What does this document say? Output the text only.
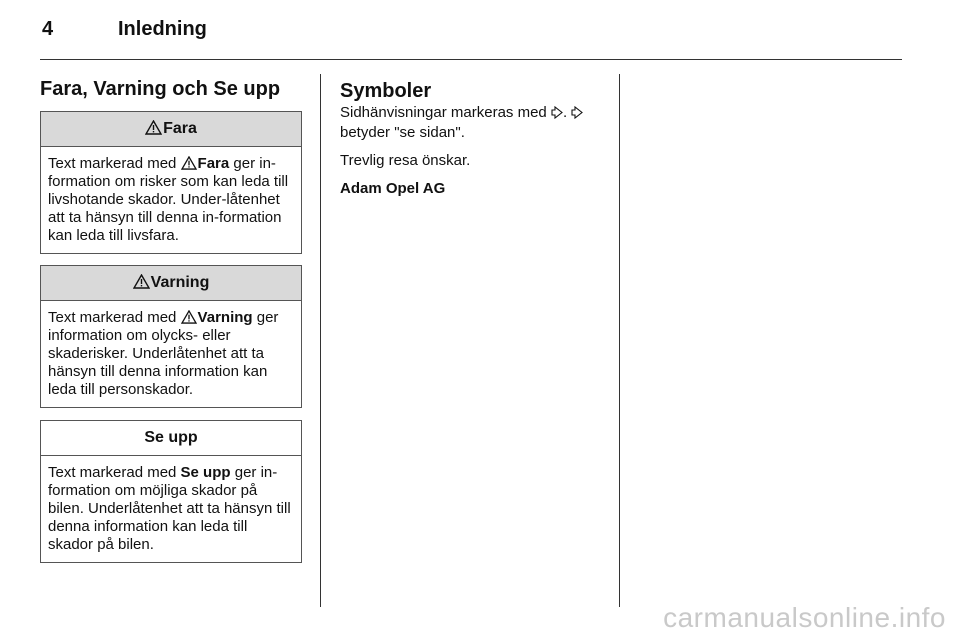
4	Inledning
Fara, Varning och Se upp
Fara
Text markerad med
Fara ger in-formation om risker som kan leda till livshotande skador. Under-låtenhet att ta hänsyn till denna in-formation kan leda till livsfara.
Varning
Text markerad med
Varning ger information om olycks- eller skaderisker. Underlåtenhet att ta hänsyn till denna information kan leda till personskador.
Se upp
Text markerad med Se upp ger in-formation om möjliga skador på bilen. Underlåtenhet att ta hänsyn till denna information kan leda till skador på bilen.
Symboler

Sidhänvisningar markeras med .  betyder "se sidan".

Trevlig resa önskar.

Adam Opel AG

carmanualsonline.info
